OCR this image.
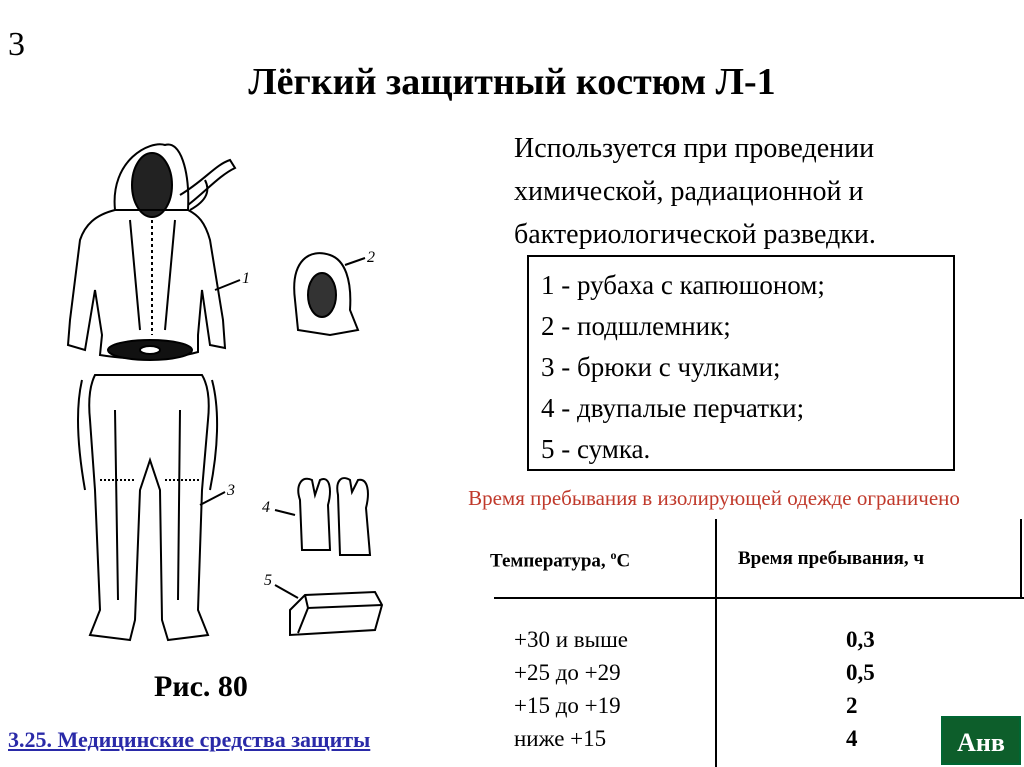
3
Лёгкий защитный костюм Л-1
1
3
2
4
5
Используется при проведении химической, радиационной и бактериологической разведки.
1 - рубаха с капюшоном;
2 - подшлемник;
3 - брюки с чулками;
4 - двупалые перчатки;
5 - сумка.
Время пребывания в изолирующей одежде ограничено
Температура, $^о$С	Время пребывания, ч
+30 и выше
+25 до +29
+15 до +19
ниже +15
0,3
0,5
2
4
Рис. 80
3.25. Медицинские средства защиты	Анв
